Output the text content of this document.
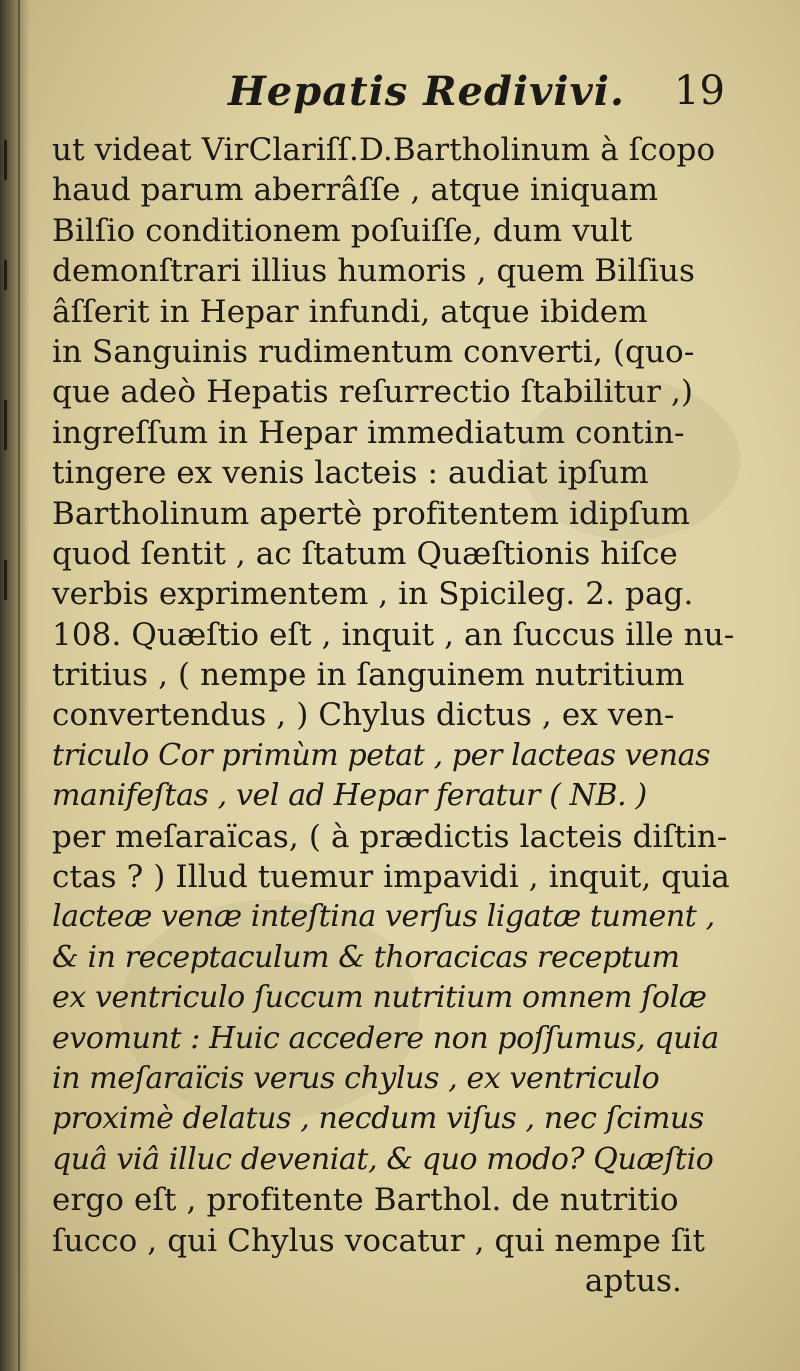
Hepatis Redivivi. 19
ut videat VirClariſſ.D.Bartholinum à ſcopo
haud parum aberrâſſe , atque iniquam
Bilſio conditionem poſuiſſe, dum vult
demonſtrari illius humoris , quem Bilſius
âſſerit in Hepar infundi, atque ibidem
in Sanguinis rudimentum converti, (quo-
que adeò Hepatis reſurrectio ſtabilitur ,)
ingreſſum in Hepar immediatum contin-
tingere ex venis lacteis : audiat ipſum
Bartholinum apertè profitentem idipſum
quod ſentit , ac ſtatum Quæſtionis hiſce
verbis exprimentem , in Spicileg. 2. pag.
108. Quæſtio eſt , inquit , an ſuccus ille nu-
tritius , ( nempe in ſanguinem nutritium
convertendus , ) Chylus dictus , ex ven-
triculo Cor primùm petat , per lacteas venas
manifeſtas , vel ad Hepar feratur ( NB. )
per meſaraïcas, ( à prædictis lacteis diſtin-
ctas ? ) Illud tuemur impavidi , inquit, quia
lacteæ venæ inteſtina verſus ligatæ tument ,
& in receptaculum & thoracicas receptum
ex ventriculo ſuccum nutritium omnem ſolæ
evomunt : Huic accedere non poſſumus, quia
in meſaraïcis verus chylus , ex ventriculo
proximè delatus , necdum viſus , nec ſcimus
quâ viâ illuc deveniat, & quo modo? Quæſtio
ergo eſt , profitente Barthol. de nutritio
ſucco , qui Chylus vocatur , qui nempe ſit
aptus.
